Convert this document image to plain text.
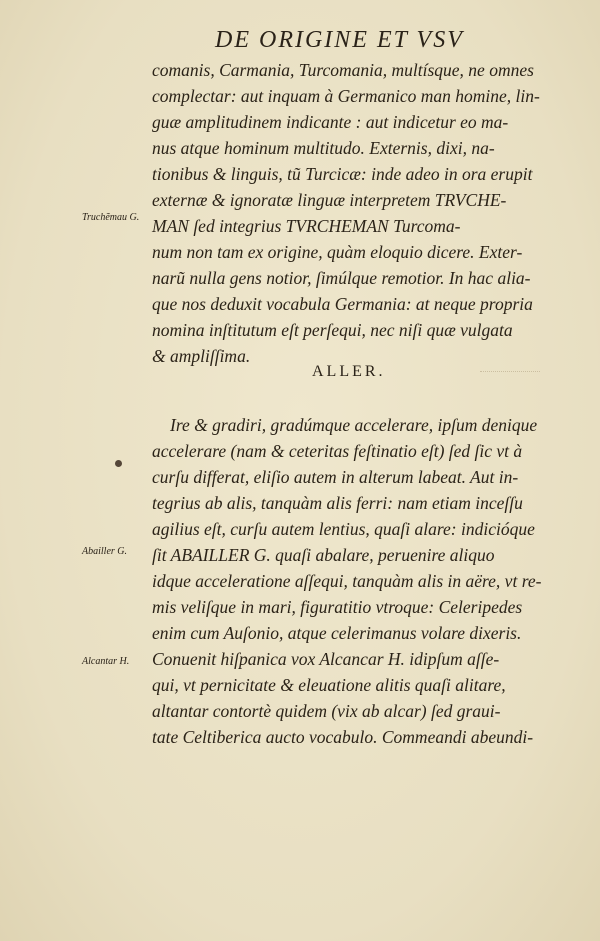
DE ORIGINE ET VSV
comanis, Carmania, Turcomania, multísque, ne omnes
complectar: aut inquam à Germanico man homine, lin-
guæ amplitudinem indicante : aut indicetur eo ma-
nus atque hominum multitudo. Externis, dixi, na-
tionibus & linguis, tũ Turcicæ: inde adeo in ora erupit
externæ & ignoratæ linguæ interpretem TRVCHE-
MAN ſed integrius TVRCHEMAN Turcoma-
num non tam ex origine, quàm eloquio dicere. Exter-
narũ nulla gens notior, ſimúlque remotior. In hac alia-
que nos deduxit vocabula Germania: at neque propria
nomina inſtitutum eſt perſequi, nec niſi quæ vulgata
& ampliſſima.
ALLER.
Ire & gradiri, gradúmque accelerare, ipſum denique
accelerare (nam & ceteritas feſtinatio eſt) ſed ſic vt à
curſu differat, eliſio autem in alterum labeat. Aut in-
tegrius ab alis, tanquàm alis ferri: nam etiam inceſſu
agilius eſt, curſu autem lentius, quaſi alare: indicióque
ſit ABAILLER G. quaſi abalare, peruenire aliquo
idque acceleratione aſſequi, tanquàm alis in aëre, vt re-
mis veliſque in mari, figuratitio vtroque: Celeripedes
enim cum Auſonio, atque celerimanus volare dixeris.
Conuenit hiſpanica vox Alcancar H. idipſum aſſe-
qui, vt pernicitate & eleuatione alitis quaſi alitare,
altantar contortè quidem (vix ab alcar) ſed graui-
tate Celtiberica aucto vocabulo. Commeandi abeundi-
Truchẽmau G.
Abailler G.
Alcantar H.
